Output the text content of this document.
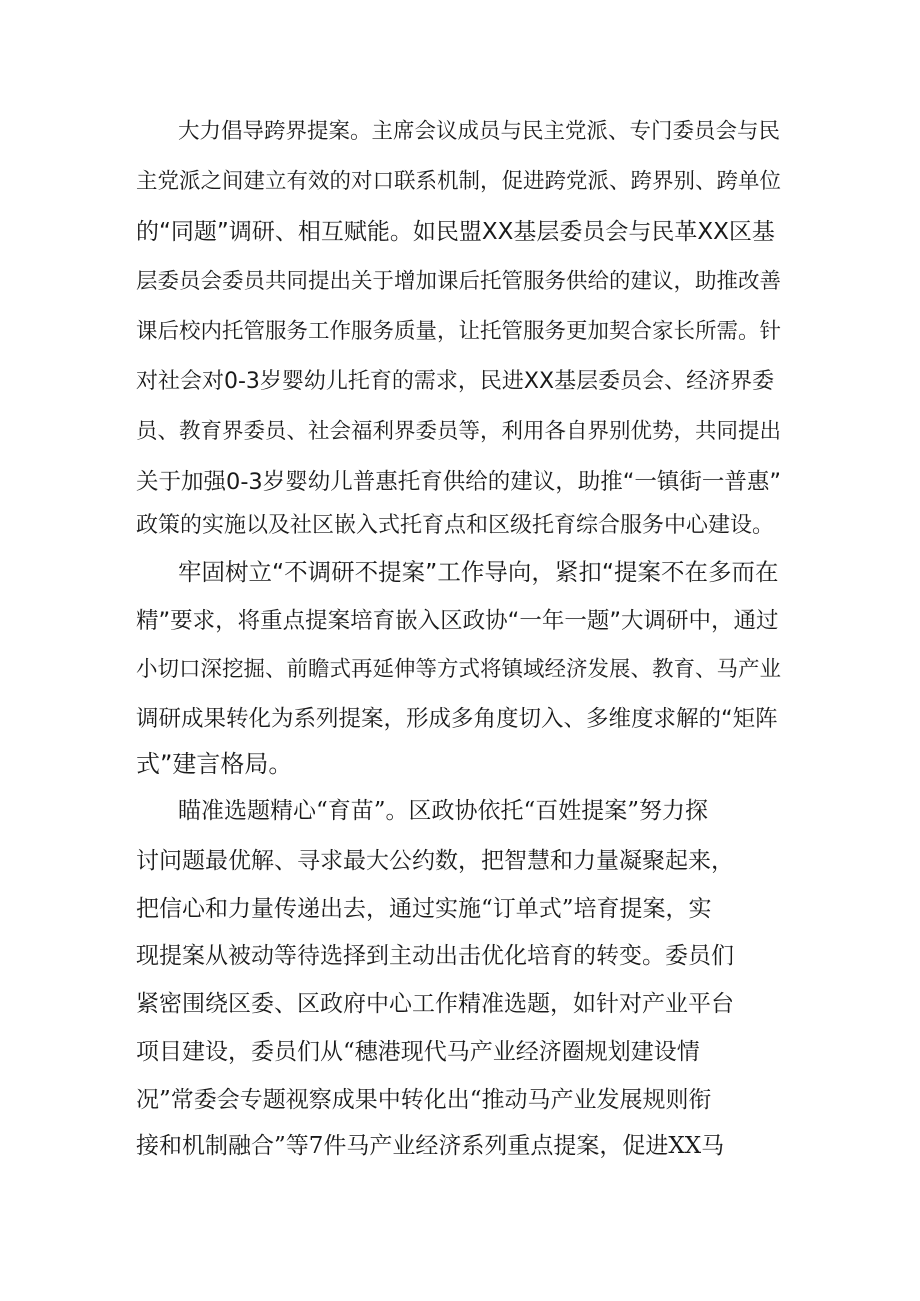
大力倡导跨界提案。主席会议成员与民主党派、专门委员会与民
主党派之间建立有效的对口联系机制，促进跨党派、跨界别、跨单位
的“同题”调研、相互赋能。如民盟XX基层委员会与民革XX区基
层委员会委员共同提出关于增加课后托管服务供给的建议，助推改善
课后校内托管服务工作服务质量，让托管服务更加契合家长所需。针
对社会对0-3岁婴幼儿托育的需求，民进XX基层委员会、经济界委
员、教育界委员、社会福利界委员等，利用各自界别优势，共同提出
关于加强0-3岁婴幼儿普惠托育供给的建议，助推“一镇街一普惠”
政策的实施以及社区嵌入式托育点和区级托育综合服务中心建设。
牢固树立“不调研不提案”工作导向，紧扣“提案不在多而在
精”要求，将重点提案培育嵌入区政协“一年一题”大调研中，通过
小切口深挖掘、前瞻式再延伸等方式将镇域经济发展、教育、马产业
调研成果转化为系列提案，形成多角度切入、多维度求解的“矩阵
式”建言格局。
瞄准选题精心“育苗”。区政协依托“百姓提案”努力探
讨问题最优解、寻求最大公约数，把智慧和力量凝聚起来，
把信心和力量传递出去，通过实施“订单式”培育提案，实
现提案从被动等待选择到主动出击优化培育的转变。委员们
紧密围绕区委、区政府中心工作精准选题，如针对产业平台
项目建设，委员们从“穗港现代马产业经济圈规划建设情
况”常委会专题视察成果中转化出“推动马产业发展规则衔
接和机制融合”等7件马产业经济系列重点提案，促进XX马
